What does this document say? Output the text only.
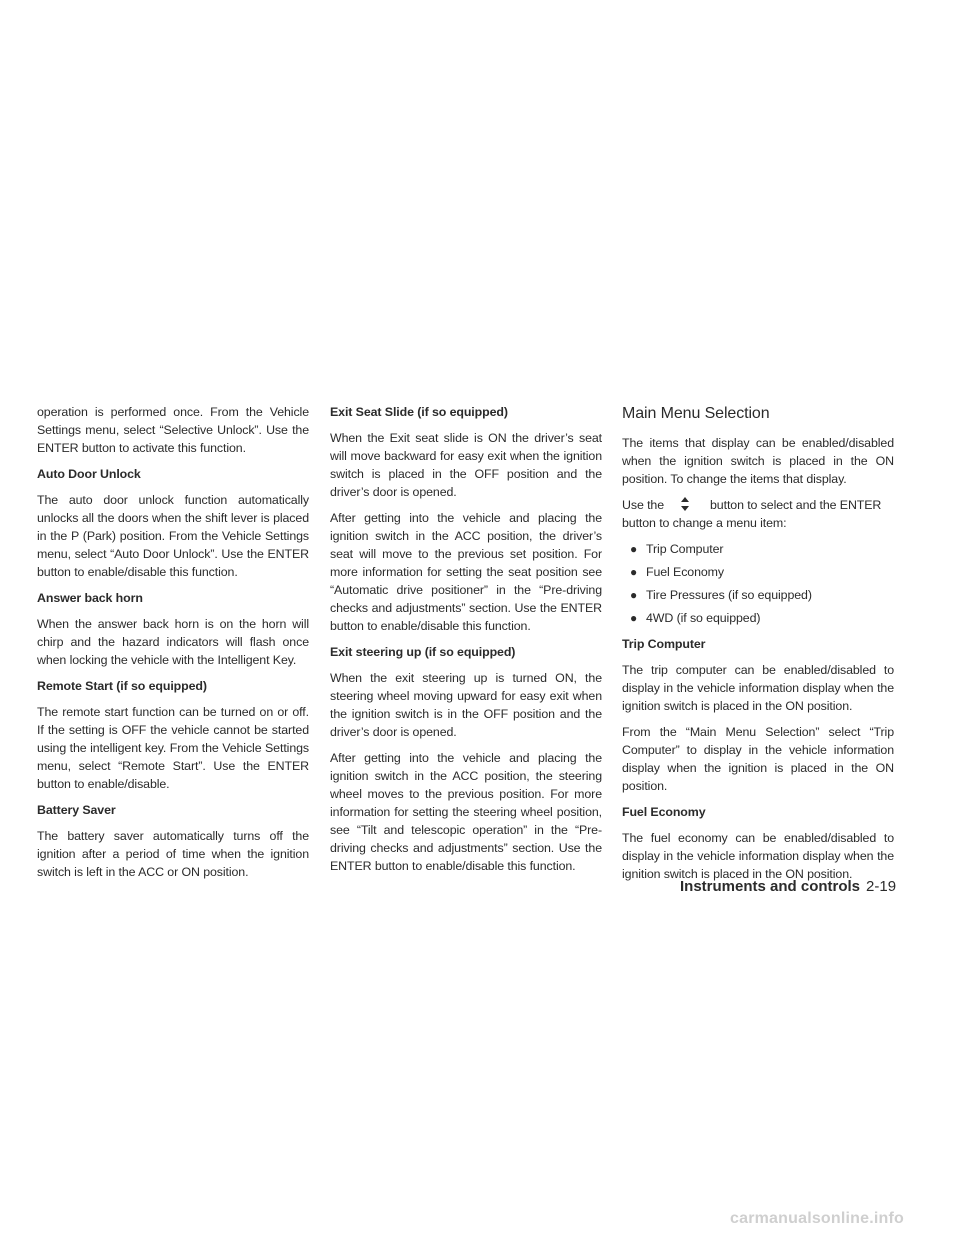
operation is performed once. From the Vehicle Settings menu, select “Selective Unlock”. Use the ENTER button to activate this function.

Auto Door Unlock

The auto door unlock function automatically unlocks all the doors when the shift lever is placed in the P (Park) position. From the Vehicle Settings menu, select “Auto Door Unlock”. Use the ENTER button to enable/disable this function.

Answer back horn

When the answer back horn is on the horn will chirp and the hazard indicators will flash once when locking the vehicle with the Intelligent Key.

Remote Start (if so equipped)

The remote start function can be turned on or off. If the setting is OFF the vehicle cannot be started using the intelligent key. From the Vehicle Settings menu, select “Remote Start”. Use the ENTER button to enable/disable.

Battery Saver

The battery saver automatically turns off the ignition after a period of time when the ignition switch is left in the ACC or ON position.

Exit Seat Slide (if so equipped)

When the Exit seat slide is ON the driver’s seat will move backward for easy exit when the ignition switch is placed in the OFF position and the driver’s door is opened.

After getting into the vehicle and placing the ignition switch in the ACC position, the driver’s seat will move to the previous set position. For more information for setting the seat position see “Automatic drive positioner” in the “Pre-driving checks and adjustments” section. Use the ENTER button to enable/disable this function.

Exit steering up (if so equipped)

When the exit steering up is turned ON, the steering wheel moving upward for easy exit when the ignition switch is in the OFF position and the driver’s door is opened.

After getting into the vehicle and placing the ignition switch in the ACC position, the steering wheel moves to the previous position. For more information for setting the steering wheel position, see “Tilt and telescopic operation” in the “Pre-driving checks and adjustments” section. Use the ENTER button to enable/disable this function.

Main Menu Selection

The items that display can be enabled/disabled when the ignition switch is placed in the ON position. To change the items that display.

Use the	button to select and the ENTER button to change a menu item:

● Trip Computer
● Fuel Economy
● Tire Pressures (if so equipped)
● 4WD (if so equipped)
Trip Computer

The trip computer can be enabled/disabled to display in the vehicle information display when the ignition switch is placed in the ON position.

From the “Main Menu Selection” select “Trip Computer” to display in the vehicle information display when the ignition is placed in the ON position.

Fuel Economy

The fuel economy can be enabled/disabled to display in the vehicle information display when the ignition switch is placed in the ON position.

Instruments and controls 2-19
carmanualsonline.info
